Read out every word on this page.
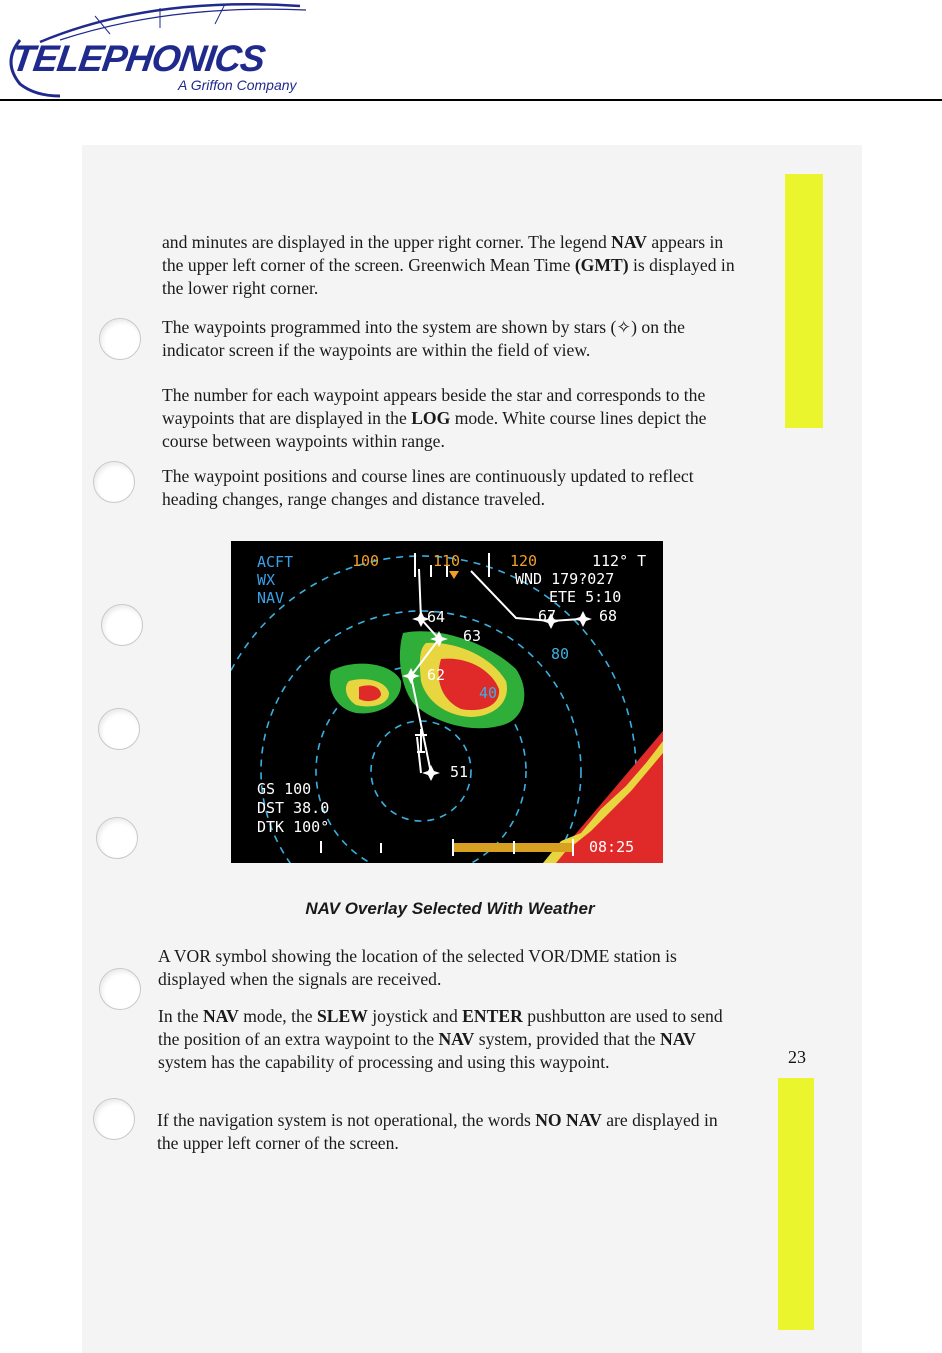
TELEPHONICS
A Griffon Company
23

and minutes are displayed in the upper right corner. The legend NAV appears in the upper left corner of the screen. Greenwich Mean Time (GMT) is displayed in the lower right corner.

The waypoints programmed into the system are shown by stars (✧) on the indicator screen if the waypoints are within the field of view.

The number for each waypoint appears beside the star and corresponds to the waypoints that are displayed in the LOG mode. White course lines depict the course between waypoints within range.

The waypoint positions and course lines are continuously updated to reflect heading changes, range changes and distance traveled.

A VOR symbol showing the location of the selected VOR/DME station is displayed when the signals are received.

In the NAV mode, the SLEW joystick and ENTER pushbutton are used to send the position of an extra waypoint to the NAV system, provided that the NAV system has the capability of processing and using this waypoint.

If the navigation system is not operational, the words NO NAV are displayed in the upper left corner of the screen.

ACFT
WX
NAV
100	110	120	112° T
WND 179?027
ETE 5:10
64
63
67	68
62
51
80
40
GS 100
DST 38.0
DTK 100°
08:25
NAV Overlay Selected With Weather
